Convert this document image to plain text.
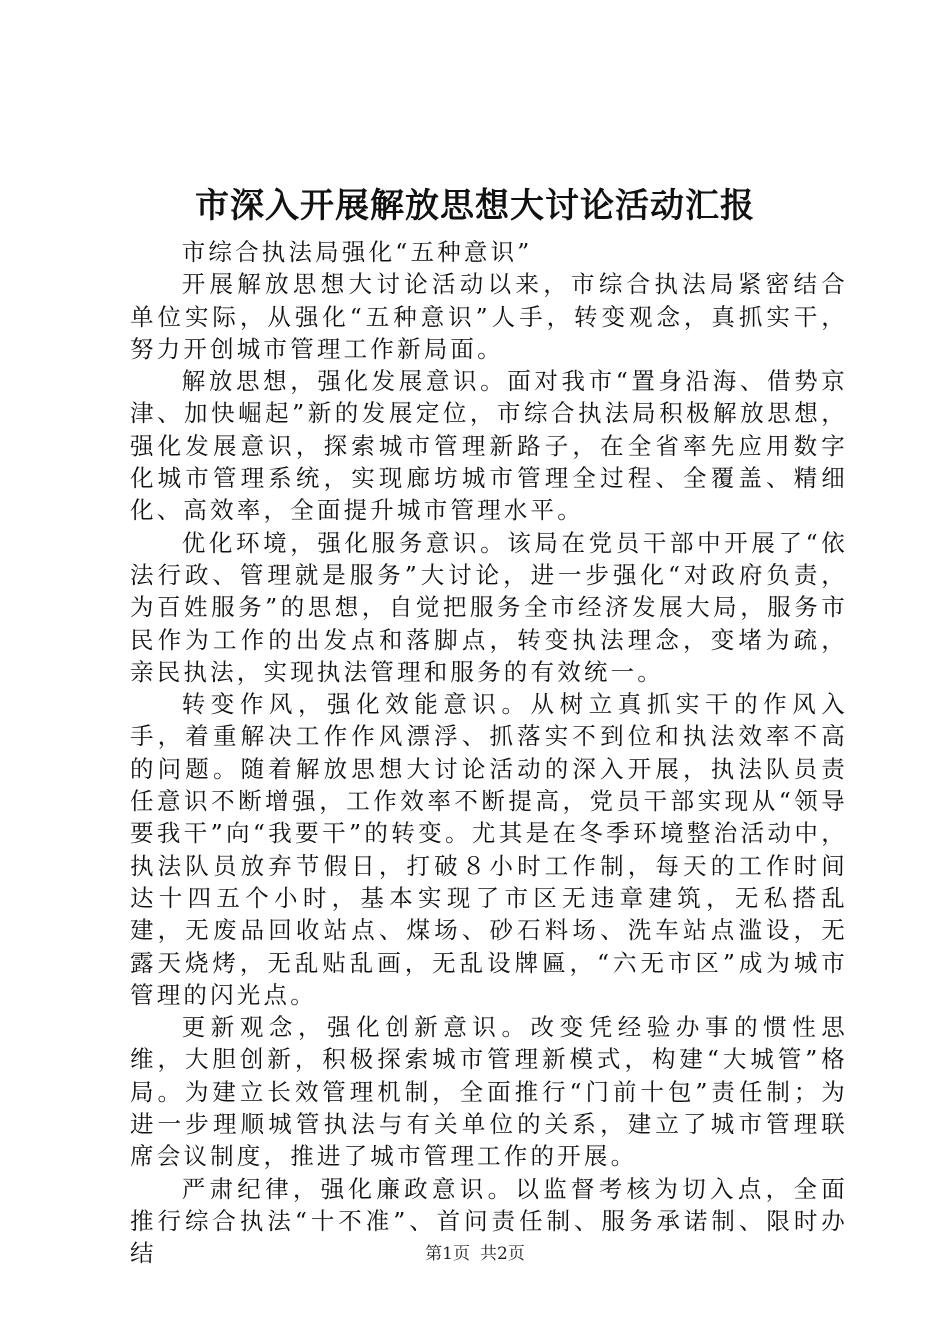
市深入开展解放思想大讨论活动汇报

市综合执法局强化“五种意识”

开展解放思想大讨论活动以来，市综合执法局紧密结合单位实际，从强化“五种意识”人手，转变观念，真抓实干，努力开创城市管理工作新局面。

解放思想，强化发展意识。面对我市“置身沿海、借势京津、加快崛起”新的发展定位，市综合执法局积极解放思想，强化发展意识，探索城市管理新路子，在全省率先应用数字化城市管理系统，实现廊坊城市管理全过程、全覆盖、精细化、高效率，全面提升城市管理水平。

优化环境，强化服务意识。该局在党员干部中开展了“依法行政、管理就是服务”大讨论，进一步强化“对政府负责，为百姓服务”的思想，自觉把服务全市经济发展大局，服务市民作为工作的出发点和落脚点，转变执法理念，变堵为疏，亲民执法，实现执法管理和服务的有效统一。

转变作风，强化效能意识。从树立真抓实干的作风入手，着重解决工作作风漂浮、抓落实不到位和执法效率不高的问题。随着解放思想大讨论活动的深入开展，执法队员责任意识不断增强，工作效率不断提高，党员干部实现从“领导要我干”向“我要干”的转变。尤其是在冬季环境整治活动中，执法队员放弃节假日，打破８小时工作制，每天的工作时间达十四五个小时，基本实现了市区无违章建筑，无私搭乱建，无废品回收站点、煤场、砂石料场、洗车站点滥设，无露天烧烤，无乱贴乱画，无乱设牌匾，“六无市区”成为城市管理的闪光点。

更新观念，强化创新意识。改变凭经验办事的惯性思维，大胆创新，积极探索城市管理新模式，构建“大城管”格局。为建立长效管理机制，全面推行“门前十包”责任制；为进一步理顺城管执法与有关单位的关系，建立了城市管理联席会议制度，推进了城市管理工作的开展。

严肃纪律，强化廉政意识。以监督考核为切入点，全面推行综合执法“十不准”、首问责任制、服务承诺制、限时办结	第1页 共2页
